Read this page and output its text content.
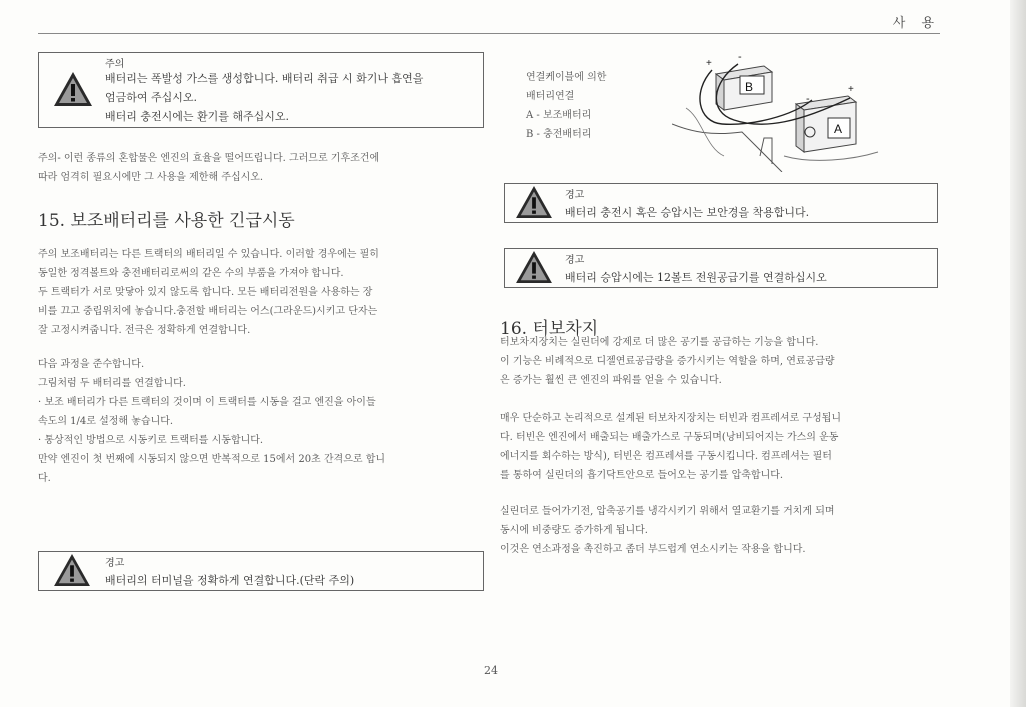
사 용
주의
배터리는 폭발성 가스를 생성합니다. 배터리 취급 시 화기나 흡연을
엄금하여 주십시오.
배터리 충전시에는 환기를 해주십시오.
주의- 이런 종류의 혼합물은 엔진의 효율을 떨어뜨립니다. 그러므로 기후조건에
따라 엄격히 필요시에만 그 사용을 제한해 주십시오.
15. 보조배터리를 사용한 긴급시동
주의 보조배터리는 다른 트랙터의 배터리일 수 있습니다. 이러할 경우에는 필히
동일한 정격볼트와 충전배터리로써의 같은 수의 부품을 가져야 합니다.
두 트랙터가 서로 맞닿아 있지 않도록 합니다. 모든 배터리전원을 사용하는 장
비를 끄고 중립위치에 놓습니다.충전할 배터리는 어스(그라운드)시키고 단자는
잘 고정시켜줍니다. 전극은 정확하게 연결합니다.
다음 과정을 준수합니다.
그림처럼 두 배터리를 연결합니다.
· 보조 배터리가 다른 트랙터의 것이며 이 트랙터를 시동을 걸고 엔진을 아이들
속도의 1/4로 설정해 놓습니다.
· 통상적인 방법으로 시동키로 트랙터를 시동합니다.
만약 엔진이 첫 번째에 시동되지 않으면 반복적으로 15에서 20초 간격으로 합니
다.
경고
배터리의 터미널을 정확하게 연결합니다.(단락 주의)
연결케이블에 의한
배터리연결
A - 보조배터리
B - 충전배터리
B
+
-
A
+
-
경고
배터리 충전시 혹은 승압시는 보안경을 착용합니다.
경고
배터리 승압시에는 12볼트 전원공급기를 연결하십시오
16. 터보차지
터보차지장치는 실린더에 강제로 더 많은 공기를 공급하는 기능을 합니다.
이 기능은 비례적으로 디젤연료공급량을 증가시키는 역할을 하며, 연료공급량
은 증가는 훨씬 큰 엔진의 파워를 얻을 수 있습니다.
매우 단순하고 논리적으로 설계된 터보차지장치는 터빈과 컴프레셔로 구성됩니
다. 터빈은 엔진에서 배출되는 배출가스로 구동되며(낭비되어지는 가스의 운동
에너지를 회수하는 방식), 터빈은 컴프레셔를 구동시킵니다. 컴프레셔는 필터
를 통하여 실린더의 흡기닥트안으로 들어오는 공기를 압축합니다.
실린더로 들어가기전, 압축공기를 냉각시키기 위해서 열교환기를 거치게 되며
동시에 비중량도 증가하게 됩니다.
이것은 연소과정을 촉진하고 좀더 부드럽게 연소시키는 작용을 합니다.
24
